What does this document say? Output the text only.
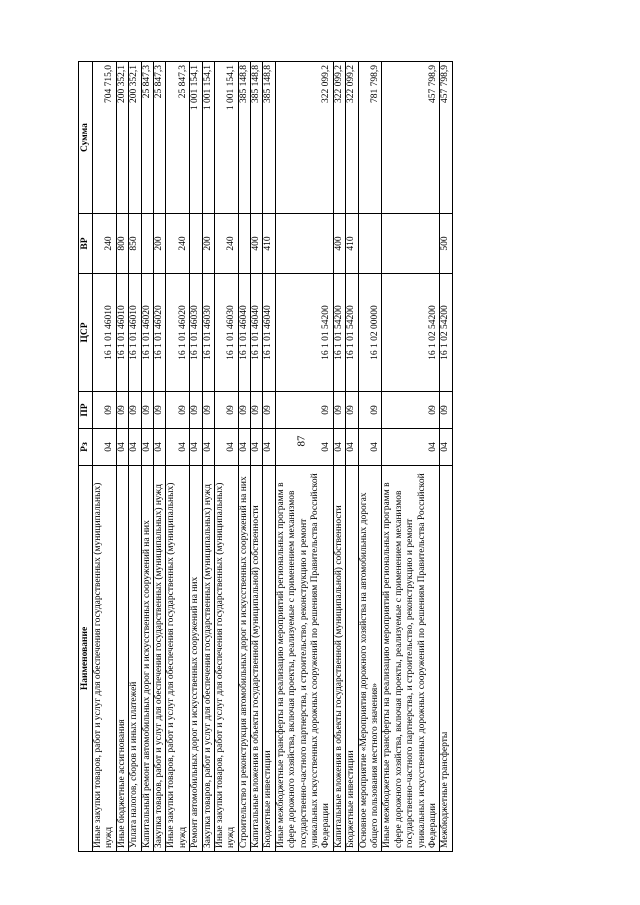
87
Наименование	Рз	ПР	ЦСР	ВР	Сумма
Иные закупки товаров, работ и услуг для обеспечения государственных (муниципальных) нужд	04	09	16 1 01 46010	240	704 715,0
Иные бюджетные ассигнования	04	09	16 1 01 46010	800	200 352,1
Уплата налогов, сборов и иных платежей	04	09	16 1 01 46010	850	200 352,1
Капитальный ремонт автомобильных дорог и искусственных сооружений на них	04	09	16 1 01 46020		25 847,3
Закупка товаров, работ и услуг для обеспечения государственных (муниципальных) нужд	04	09	16 1 01 46020	200	25 847,3
Иные закупки товаров, работ и услуг для обеспечения государственных (муниципальных) нужд	04	09	16 1 01 46020	240	25 847,3
Ремонт автомобильных дорог и искусственных сооружений на них	04	09	16 1 01 46030		1 001 154,1
Закупка товаров, работ и услуг для обеспечения государственных (муниципальных) нужд	04	09	16 1 01 46030	200	1 001 154,1
Иные закупки товаров, работ и услуг для обеспечения государственных (муниципальных) нужд	04	09	16 1 01 46030	240	1 001 154,1
Строительство и реконструкция автомобильных дорог и искусственных сооружений на них	04	09	16 1 01 46040		385 148,8
Капитальные вложения в объекты государственной (муниципальной) собственности	04	09	16 1 01 46040	400	385 148,8
Бюджетные инвестиции	04	09	16 1 01 46040	410	385 148,8
Иные межбюджетные трансферты на реализацию мероприятий региональных программ в сфере дорожного хозяйства, включая проекты, реализуемые с применением механизмов государственно-частного партнерства, и строительство, реконструкцию и ремонт уникальных искусственных дорожных сооружений по решениям Правительства Российской Федерации	04	09	16 1 01 54200		322 099,2
Капитальные вложения в объекты государственной (муниципальной) собственности	04	09	16 1 01 54200	400	322 099,2
Бюджетные инвестиции	04	09	16 1 01 54200	410	322 099,2
Основное мероприятие «Мероприятия дорожного хозяйства на автомобильных дорогах общего пользования местного значения»	04	09	16 1 02 00000		781 798,9
Иные межбюджетные трансферты на реализацию мероприятий региональных программ в сфере дорожного хозяйства, включая проекты, реализуемые с применением механизмов государственно-частного партнерства, и строительство, реконструкцию и ремонт уникальных искусственных дорожных сооружений по решениям Правительства Российской Федерации	04	09	16 1 02 54200		457 798,9
Межбюджетные трансферты	04	09	16 1 02 54200	500	457 798,9
